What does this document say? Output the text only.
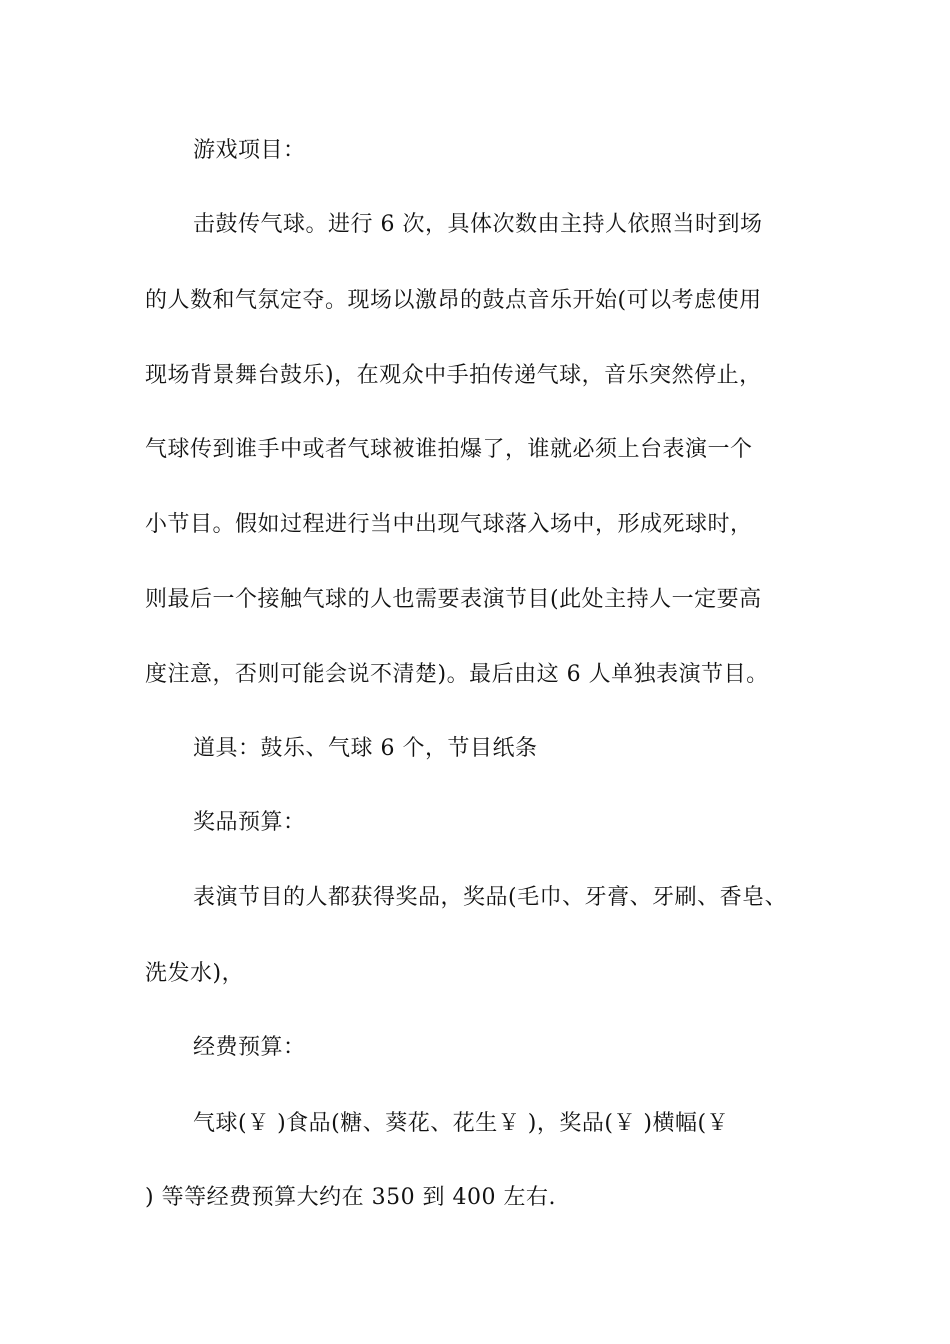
游戏项目：
击鼓传气球。进行 6 次，具体次数由主持人依照当时到场
的人数和气氛定夺。现场以激昂的鼓点音乐开始(可以考虑使用
现场背景舞台鼓乐)，在观众中手拍传递气球，音乐突然停止，
气球传到谁手中或者气球被谁拍爆了，谁就必须上台表演一个
小节目。假如过程进行当中出现气球落入场中，形成死球时，
则最后一个接触气球的人也需要表演节目(此处主持人一定要高
度注意，否则可能会说不清楚)。最后由这 6 人单独表演节目。
道具：鼓乐、气球 6 个，节目纸条
奖品预算：
表演节目的人都获得奖品，奖品(毛巾、牙膏、牙刷、香皂、
洗发水)，
经费预算：
气球(￥ )食品(糖、葵花、花生￥ )，奖品(￥ )横幅(￥
) 等等经费预算大约在 350 到 400 左右.
